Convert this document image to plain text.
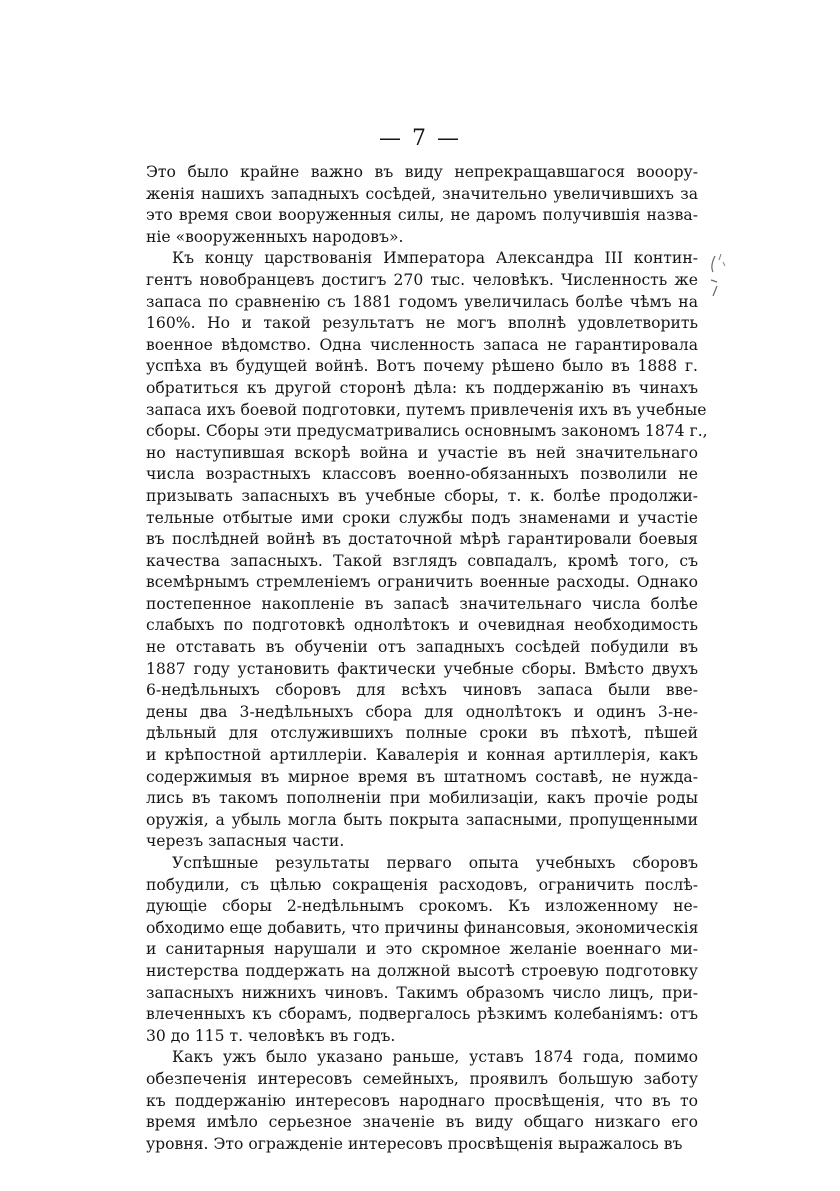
— 7 —
Это было крайне важно въ виду непрекращавшагося вооору-
женія нашихъ западныхъ сосѣдей, значительно увеличившихъ за
это время свои вооруженныя силы, не даромъ получившія назва-
ніе «вооруженныхъ народовъ».
Къ концу царствованія Императора Александра III контин-
гентъ новобранцевъ достигъ 270 тыс. человѣкъ. Численность же
запаса по сравненію съ 1881 годомъ увеличилась болѣе чѣмъ на
160%. Но и такой результатъ не могъ вполнѣ удовлетворить
военное вѣдомство. Одна численность запаса не гарантировала
успѣха въ будущей войнѣ. Вотъ почему рѣшено было въ 1888 г.
обратиться къ другой сторонѣ дѣла: къ поддержанію въ чинахъ
запаса ихъ боевой подготовки, путемъ привлеченія ихъ въ учебные
сборы. Сборы эти предусматривались основнымъ закономъ 1874 г.,
но наступившая вскорѣ война и участіе въ ней значительнаго
числа возрастныхъ классовъ военно-обязанныхъ позволили не
призывать запасныхъ въ учебные сборы, т. к. болѣе продолжи-
тельные отбытые ими сроки службы подъ знаменами и участіе
въ послѣдней войнѣ въ достаточной мѣрѣ гарантировали боевыя
качества запасныхъ. Такой взглядъ совпадалъ, кромѣ того, съ
всемѣрнымъ стремленіемъ ограничить военные расходы. Однако
постепенное накопленіе въ запасѣ значительнаго числа болѣе
слабыхъ по подготовкѣ однолѣтокъ и очевидная необходимость
не отставать въ обученіи отъ западныхъ сосѣдей побудили въ
1887 году установить фактически учебные сборы. Вмѣсто двухъ
6-недѣльныхъ сборовъ для всѣхъ чиновъ запаса были вве-
дены два 3-недѣльныхъ сбора для однолѣтокъ и одинъ 3-не-
дѣльный для отслужившихъ полные сроки въ пѣхотѣ, пѣшей
и крѣпостной артиллеріи. Кавалерія и конная артиллерія, какъ
содержимыя въ мирное время въ штатномъ составѣ, не нужда-
лись въ такомъ пополненіи при мобилизаціи, какъ прочіе роды
оружія, а убыль могла быть покрыта запасными, пропущенными
черезъ запасныя части.
Успѣшные результаты перваго опыта учебныхъ сборовъ
побудили, съ цѣлью сокращенія расходовъ, ограничить послѣ-
дующіе сборы 2-недѣльнымъ срокомъ. Къ изложенному не-
обходимо еще добавить, что причины финансовыя, экономическія
и санитарныя нарушали и это скромное желаніе военнаго ми-
нистерства поддержать на должной высотѣ строевую подготовку
запасныхъ нижнихъ чиновъ. Такимъ образомъ число лицъ, при-
влеченныхъ къ сборамъ, подвергалось рѣзкимъ колебаніямъ: отъ
30 до 115 т. человѣкъ въ годъ.
Какъ ужъ было указано раньше, уставъ 1874 года, помимо
обезпеченія интересовъ семейныхъ, проявилъ большую заботу
къ поддержанію интересовъ народнаго просвѣщенія, что въ то
время имѣло серьезное значеніе въ виду общаго низкаго его
уровня. Это огражденіе интересовъ просвѣщенія выражалось въ
